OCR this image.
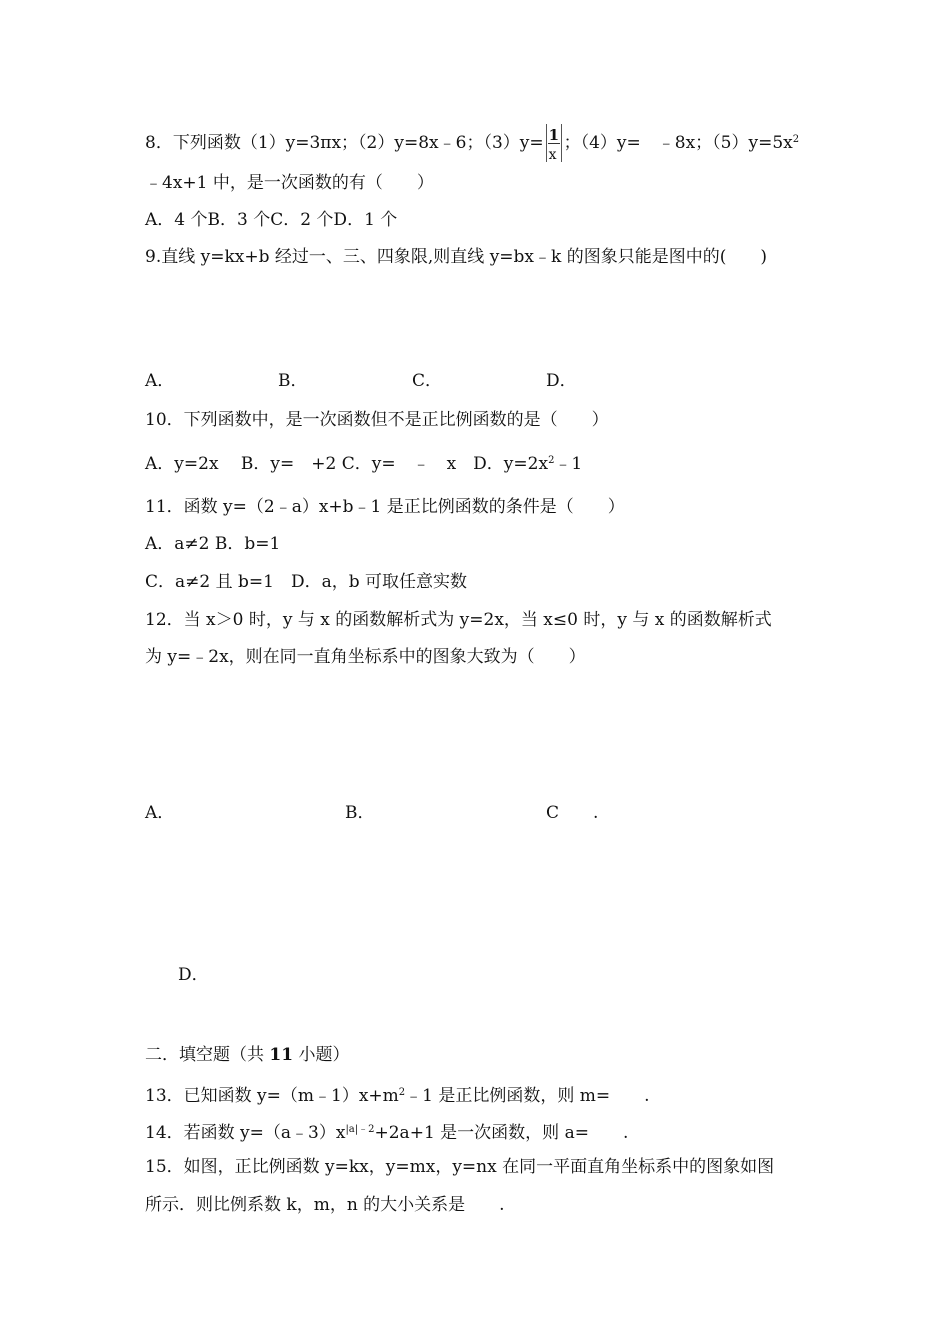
8．下列函数（1）y=3πx；（2）y=8x﹣6；$(3)y= \frac{1}{x}$ ；（4）y=　﹣8x；$(5)y=5x^2$
﹣4x+1 中，是一次函数的有（　　）
A．4 个B．3 个C．2 个D．1 个
9.直线 y=kx+b 经过一、三、四象限,则直线 y=bx﹣k 的图象只能是图中的(　　)
A．	B．	C．	D．
10．下列函数中，是一次函数但不是正比例函数的是（　　）
A．y=2x　 B．y=　+2 C．y=　﹣　x　D．$y=2x^2﹣1$
11．函数 y=（2﹣a）x+b﹣1 是正比例函数的条件是（　　）
A．a≠2 B．b=1
C．a≠2 且 b=1　D．a，b 可取任意实数
12．当 x＞0 时，y 与 x 的函数解析式为 y=2x，当 x≤0 时，y 与 x 的函数解析式
为 y=﹣2x，则在同一直角坐标系中的图象大致为（　　）
A．	B．	C　　.
D．
二．填空题（共 11 小题）
13．已知函数 $y=(m﹣1)x+m^2﹣1$ 是正比例函数，则 m=　　.
14．若函数 $y=(a﹣3)x^{|a|﹣2}+2a+1$ 是一次函数，则 a=　　.
15．如图，正比例函数 y=kx，y=mx，y=nx 在同一平面直角坐标系中的图象如图
所示．则比例系数 k，m，n 的大小关系是　　.
